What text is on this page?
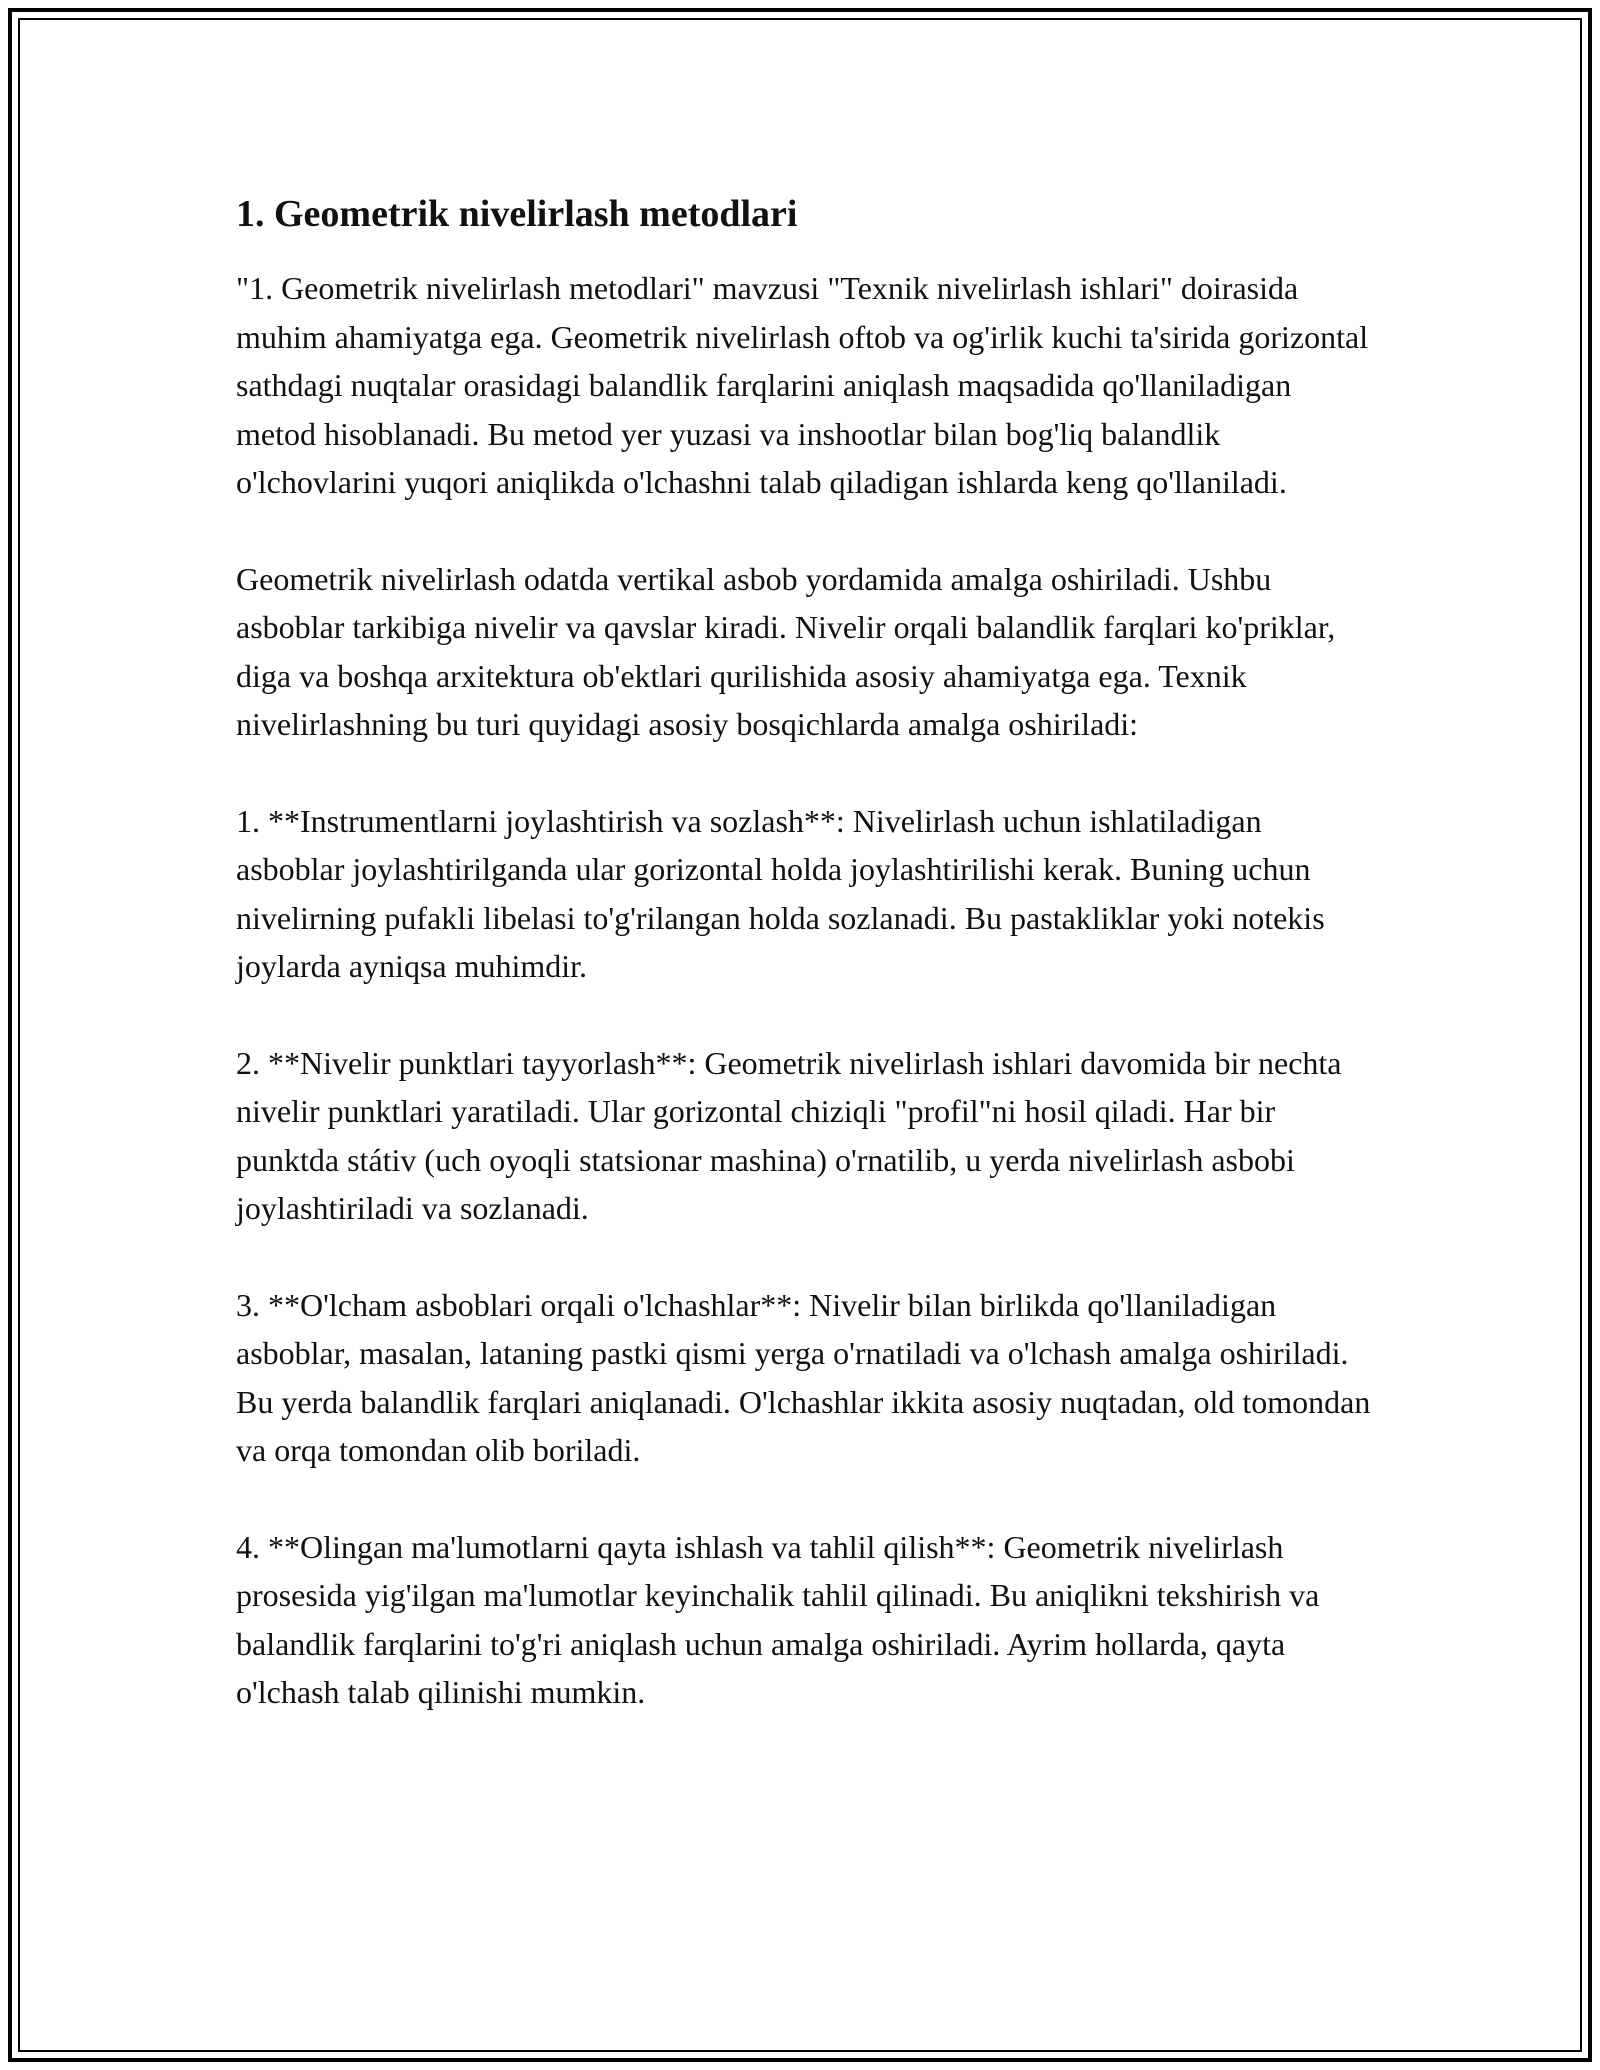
1. Geometrik nivelirlash metodlari

"1. Geometrik nivelirlash metodlari" mavzusi "Texnik nivelirlash ishlari" doirasida muhim ahamiyatga ega. Geometrik nivelirlash oftob va og'irlik kuchi ta'sirida gorizontal sathdagi nuqtalar orasidagi balandlik farqlarini aniqlash maqsadida qo'llaniladigan metod hisoblanadi. Bu metod yer yuzasi va inshootlar bilan bog'liq balandlik o'lchovlarini yuqori aniqlikda o'lchashni talab qiladigan ishlarda keng qo'llaniladi.

Geometrik nivelirlash odatda vertikal asbob yordamida amalga oshiriladi. Ushbu asboblar tarkibiga nivelir va qavslar kiradi. Nivelir orqali balandlik farqlari ko'priklar, diga va boshqa arxitektura ob'ektlari qurilishida asosiy ahamiyatga ega. Texnik nivelirlashning bu turi quyidagi asosiy bosqichlarda amalga oshiriladi:

1. **Instrumentlarni joylashtirish va sozlash**: Nivelirlash uchun ishlatiladigan asboblar joylashtirilganda ular gorizontal holda joylashtirilishi kerak. Buning uchun nivelirning pufakli libelasi to'g'rilangan holda sozlanadi. Bu pastakliklar yoki notekis joylarda ayniqsa muhimdir.

2. **Nivelir punktlari tayyorlash**: Geometrik nivelirlash ishlari davomida bir nechta nivelir punktlari yaratiladi. Ular gorizontal chiziqli "profil"ni hosil qiladi. Har bir punktda státiv (uch oyoqli statsionar mashina) o'rnatilib, u yerda nivelirlash asbobi joylashtiriladi va sozlanadi.

3. **O'lcham asboblari orqali o'lchashlar**: Nivelir bilan birlikda qo'llaniladigan asboblar, masalan, lataning pastki qismi yerga o'rnatiladi va o'lchash amalga oshiriladi. Bu yerda balandlik farqlari aniqlanadi. O'lchashlar ikkita asosiy nuqtadan, old tomondan va orqa tomondan olib boriladi.

4. **Olingan ma'lumotlarni qayta ishlash va tahlil qilish**: Geometrik nivelirlash prosesida yig'ilgan ma'lumotlar keyinchalik tahlil qilinadi. Bu aniqlikni tekshirish va balandlik farqlarini to'g'ri aniqlash uchun amalga oshiriladi. Ayrim hollarda, qayta o'lchash talab qilinishi mumkin.
